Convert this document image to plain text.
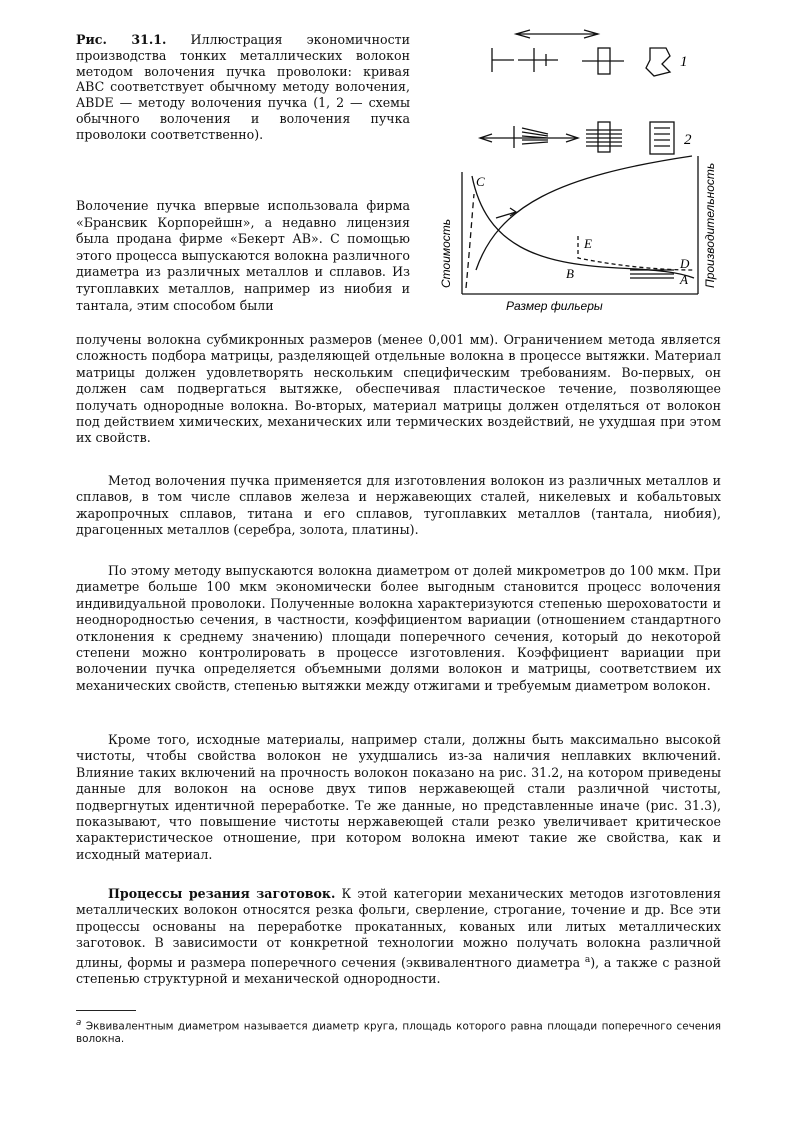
Рис. 31.1. Иллюстрация экономичности производства тонких металлических волокон методом волочения пучка проволоки: кривая ABC соответствует обычному методу волочения, ABDE — методу волочения пучка (1, 2 — схемы обычного волочения и волочения пучка проволоки соответственно).

Волочение пучка впервые использовала фирма «Брансвик Корпорейшн», а недавно лицензия была продана фирме «Бекерт АВ». С помощью этого процесса выпускаются волокна различного диаметра из различных металлов и сплавов. Из тугоплавких металлов, например из ниобия и тантала, этим способом были

C
E
B
D
A
1
2
Размер фильеры
Стоимость	Производительность

получены волокна субмикронных размеров (менее 0,001 мм). Ограничением метода является сложность подбора матрицы, разделяющей отдельные волокна в процессе вытяжки. Материал матрицы должен удовлетворять нескольким специфическим требованиям. Во-первых, он должен сам подвергаться вытяжке, обеспечивая пластическое течение, позволяющее получать однородные волокна. Во-вторых, материал матрицы должен отделяться от волокон под действием химических, механических или термических воздействий, не ухудшая при этом их свойств.

Метод волочения пучка применяется для изготовления волокон из различных металлов и сплавов, в том числе сплавов железа и нержавеющих сталей, никелевых и кобальтовых жаропрочных сплавов, титана и его сплавов, тугоплавких металлов (тантала, ниобия), драгоценных металлов (серебра, золота, платины).

По этому методу выпускаются волокна диаметром от долей микрометров до 100 мкм. При диаметре больше 100 мкм экономически более выгодным становится процесс волочения индивидуальной проволоки. Полученные волокна характеризуются степенью шероховатости и неоднородностью сечения, в частности, коэффициентом вариации (отношением стандартного отклонения к среднему значению) площади поперечного сечения, который до некоторой степени можно контролировать в процессе изготовления. Коэффициент вариации при волочении пучка определяется объемными долями волокон и матрицы, соответствием их механических свойств, степенью вытяжки между отжигами и требуемым диаметром волокон.

Кроме того, исходные материалы, например стали, должны быть максимально высокой чистоты, чтобы свойства волокон не ухудшались из-за наличия неплавких включений. Влияние таких включений на прочность волокон показано на рис. 31.2, на котором приведены данные для волокон на основе двух типов нержавеющей стали различной чистоты, подвергнутых идентичной переработке. Те же данные, но представленные иначе (рис. 31.3), показывают, что повышение чистоты нержавеющей стали резко увеличивает критическое характеристическое отношение, при котором волокна имеют такие же свойства, как и исходный материал.

Процессы резания заготовок. К этой категории механических методов изготовления металлических волокон относятся резка фольги, сверление, строгание, точение и др. Все эти процессы основаны на переработке прокатанных, кованых или литых металлических заготовок. В зависимости от конкретной технологии можно получать волокна различной длины, формы и размера поперечного сечения (эквивалентного диаметра $^а$), а также с разной степенью структурной и механической однородности.

$^а$ Эквивалентным диаметром называется диаметр круга, площадь которого равна площади поперечного сечения волокна.
